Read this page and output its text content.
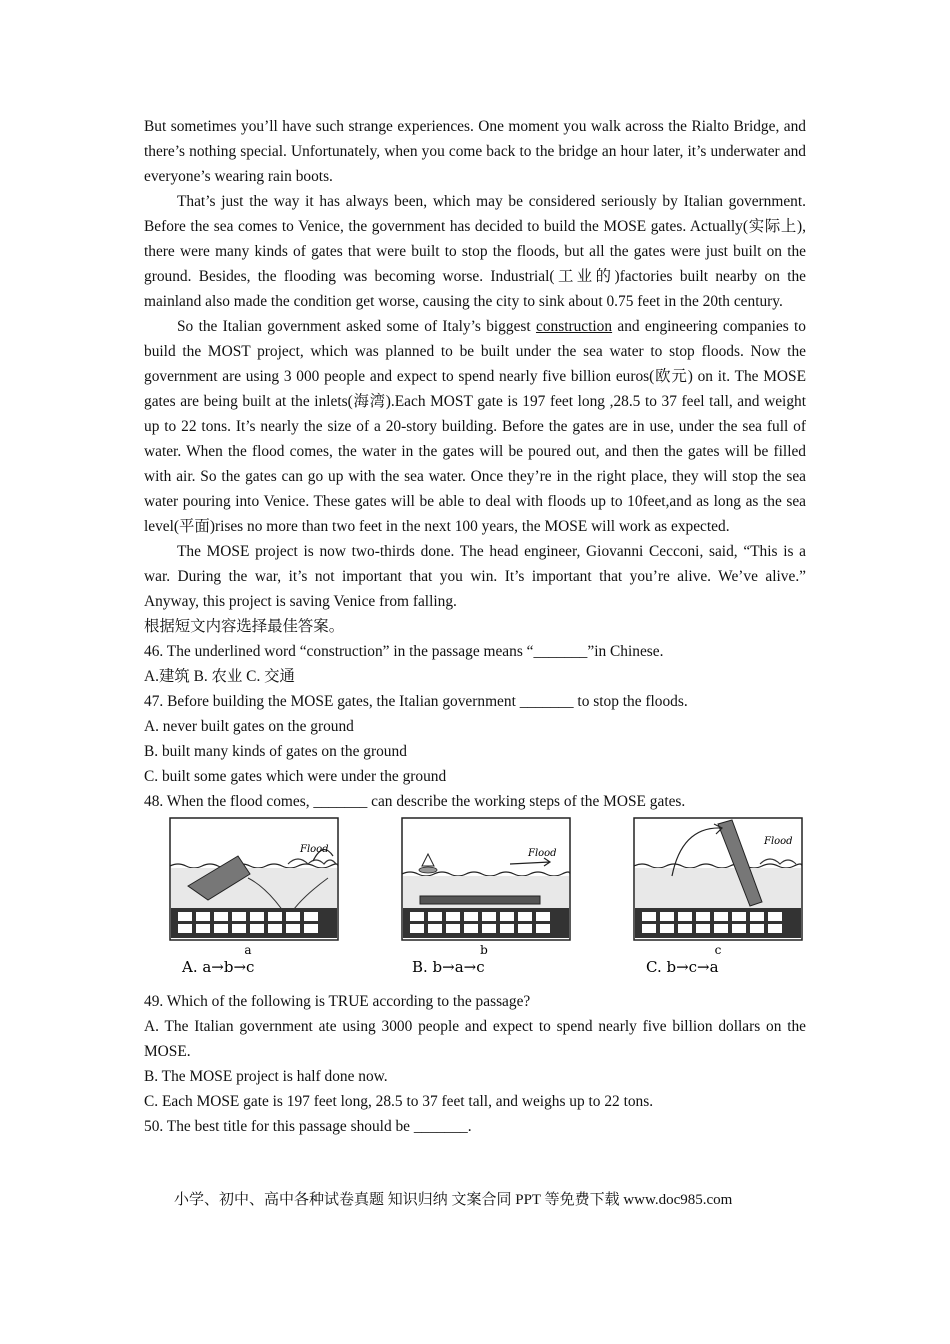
But sometimes you’ll have such strange experiences. One moment you walk across the Rialto Bridge, and there’s nothing special. Unfortunately, when you come back to the bridge an hour later, it’s underwater and everyone’s wearing rain boots.

That’s just the way it has always been, which may be considered seriously by Italian government. Before the sea comes to Venice, the government has decided to build the MOSE gates. Actually(实际上), there were many kinds of gates that were built to stop the floods, but all the gates were just built on the ground. Besides, the flooding was becoming worse. Industrial(工业的)factories built nearby on the mainland also made the condition get worse, causing the city to sink about 0.75 feet in the 20th century.

So the Italian government asked some of Italy’s biggest construction and engineering companies to build the MOST project, which was planned to be built under the sea water to stop floods. Now the government are using 3 000 people and expect to spend nearly five billion euros(欧元) on it. The MOSE gates are being built at the inlets(海湾).Each MOST gate is 197 feet long ,28.5 to 37 feel tall, and weight up to 22 tons. It’s nearly the size of a 20-story building. Before the gates are in use, under the sea full of water. When the flood comes, the water in the gates will be poured out, and then the gates will be filled with air. So the gates can go up with the sea water. Once they’re in the right place, they will stop the sea water pouring into Venice. These gates will be able to deal with floods up to 10feet,and as long as the sea level(平面)rises no more than two feet in the next 100 years, the MOSE will work as expected.

The MOSE project is now two-thirds done. The head engineer, Giovanni Cecconi, said, “This is a war. During the war, it’s not important that you win. It’s important that you’re alive. We’ve alive.” Anyway, this project is saving Venice from falling.

根据短文内容选择最佳答案。

46. The underlined word “construction” in the passage means “_______”in Chinese.

A.建筑 B. 农业 C. 交通

47. Before building the MOSE gates, the Italian government _______ to stop the floods.

A. never built gates on the ground

B. built many kinds of gates on the ground

C. built some gates which were under the ground

48. When the flood comes, _______ can describe the working steps of the MOSE gates.

Flood
a
A. a→b→c
Flood
b
B. b→a→c
Flood
c
C. b→c→a

49. Which of the following is TRUE according to the passage?

A. The Italian government ate using 3000 people and expect to spend nearly five billion dollars on the MOSE.

B. The MOSE project is half done now.

C. Each MOSE gate is 197 feet long, 28.5 to 37 feet tall, and weighs up to 22 tons.

50. The best title for this passage should be _______.

小学、初中、高中各种试卷真题 知识归纳 文案合同 PPT 等免费下载 www.doc985.com
